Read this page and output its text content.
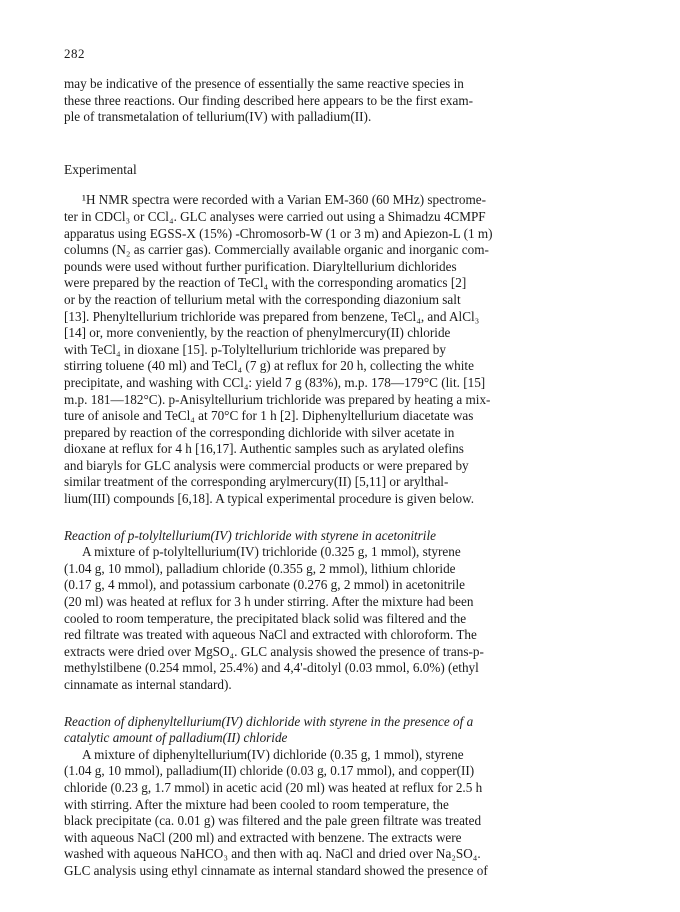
282
may be indicative of the presence of essentially the same reactive species in
these three reactions. Our finding described here appears to be the first exam-
ple of transmetalation of tellurium(IV) with palladium(II).
Experimental
¹H NMR spectra were recorded with a Varian EM-360 (60 MHz) spectrome-
ter in CDCl₃ or CCl₄. GLC analyses were carried out using a Shimadzu 4CMPF
apparatus using EGSS-X (15%) -Chromosorb-W (1 or 3 m) and Apiezon-L (1 m)
columns (N₂ as carrier gas). Commercially available organic and inorganic com-
pounds were used without further purification. Diaryltellurium dichlorides
were prepared by the reaction of TeCl₄ with the corresponding aromatics [2]
or by the reaction of tellurium metal with the corresponding diazonium salt
[13]. Phenyltellurium trichloride was prepared from benzene, TeCl₄, and AlCl₃
[14] or, more conveniently, by the reaction of phenylmercury(II) chloride
with TeCl₄ in dioxane [15]. p-Tolyltellurium trichloride was prepared by
stirring toluene (40 ml) and TeCl₄ (7 g) at reflux for 20 h, collecting the white
precipitate, and washing with CCl₄: yield 7 g (83%), m.p. 178—179°C (lit. [15]
m.p. 181—182°C). p-Anisyltellurium trichloride was prepared by heating a mix-
ture of anisole and TeCl₄ at 70°C for 1 h [2]. Diphenyltellurium diacetate was
prepared by reaction of the corresponding dichloride with silver acetate in
dioxane at reflux for 4 h [16,17]. Authentic samples such as arylated olefins
and biaryls for GLC analysis were commercial products or were prepared by
similar treatment of the corresponding arylmercury(II) [5,11] or arylthal-
lium(III) compounds [6,18]. A typical experimental procedure is given below.
Reaction of p-tolyltellurium(IV) trichloride with styrene in acetonitrile
A mixture of p-tolyltellurium(IV) trichloride (0.325 g, 1 mmol), styrene
(1.04 g, 10 mmol), palladium chloride (0.355 g, 2 mmol), lithium chloride
(0.17 g, 4 mmol), and potassium carbonate (0.276 g, 2 mmol) in acetonitrile
(20 ml) was heated at reflux for 3 h under stirring. After the mixture had been
cooled to room temperature, the precipitated black solid was filtered and the
red filtrate was treated with aqueous NaCl and extracted with chloroform. The
extracts were dried over MgSO₄. GLC analysis showed the presence of trans-p-
methylstilbene (0.254 mmol, 25.4%) and 4,4'-ditolyl (0.03 mmol, 6.0%) (ethyl
cinnamate as internal standard).
Reaction of diphenyltellurium(IV) dichloride with styrene in the presence of a
catalytic amount of palladium(II) chloride
A mixture of diphenyltellurium(IV) dichloride (0.35 g, 1 mmol), styrene
(1.04 g, 10 mmol), palladium(II) chloride (0.03 g, 0.17 mmol), and copper(II)
chloride (0.23 g, 1.7 mmol) in acetic acid (20 ml) was heated at reflux for 2.5 h
with stirring. After the mixture had been cooled to room temperature, the
black precipitate (ca. 0.01 g) was filtered and the pale green filtrate was treated
with aqueous NaCl (200 ml) and extracted with benzene. The extracts were
washed with aqueous NaHCO₃ and then with aq. NaCl and dried over Na₂SO₄.
GLC analysis using ethyl cinnamate as internal standard showed the presence of
